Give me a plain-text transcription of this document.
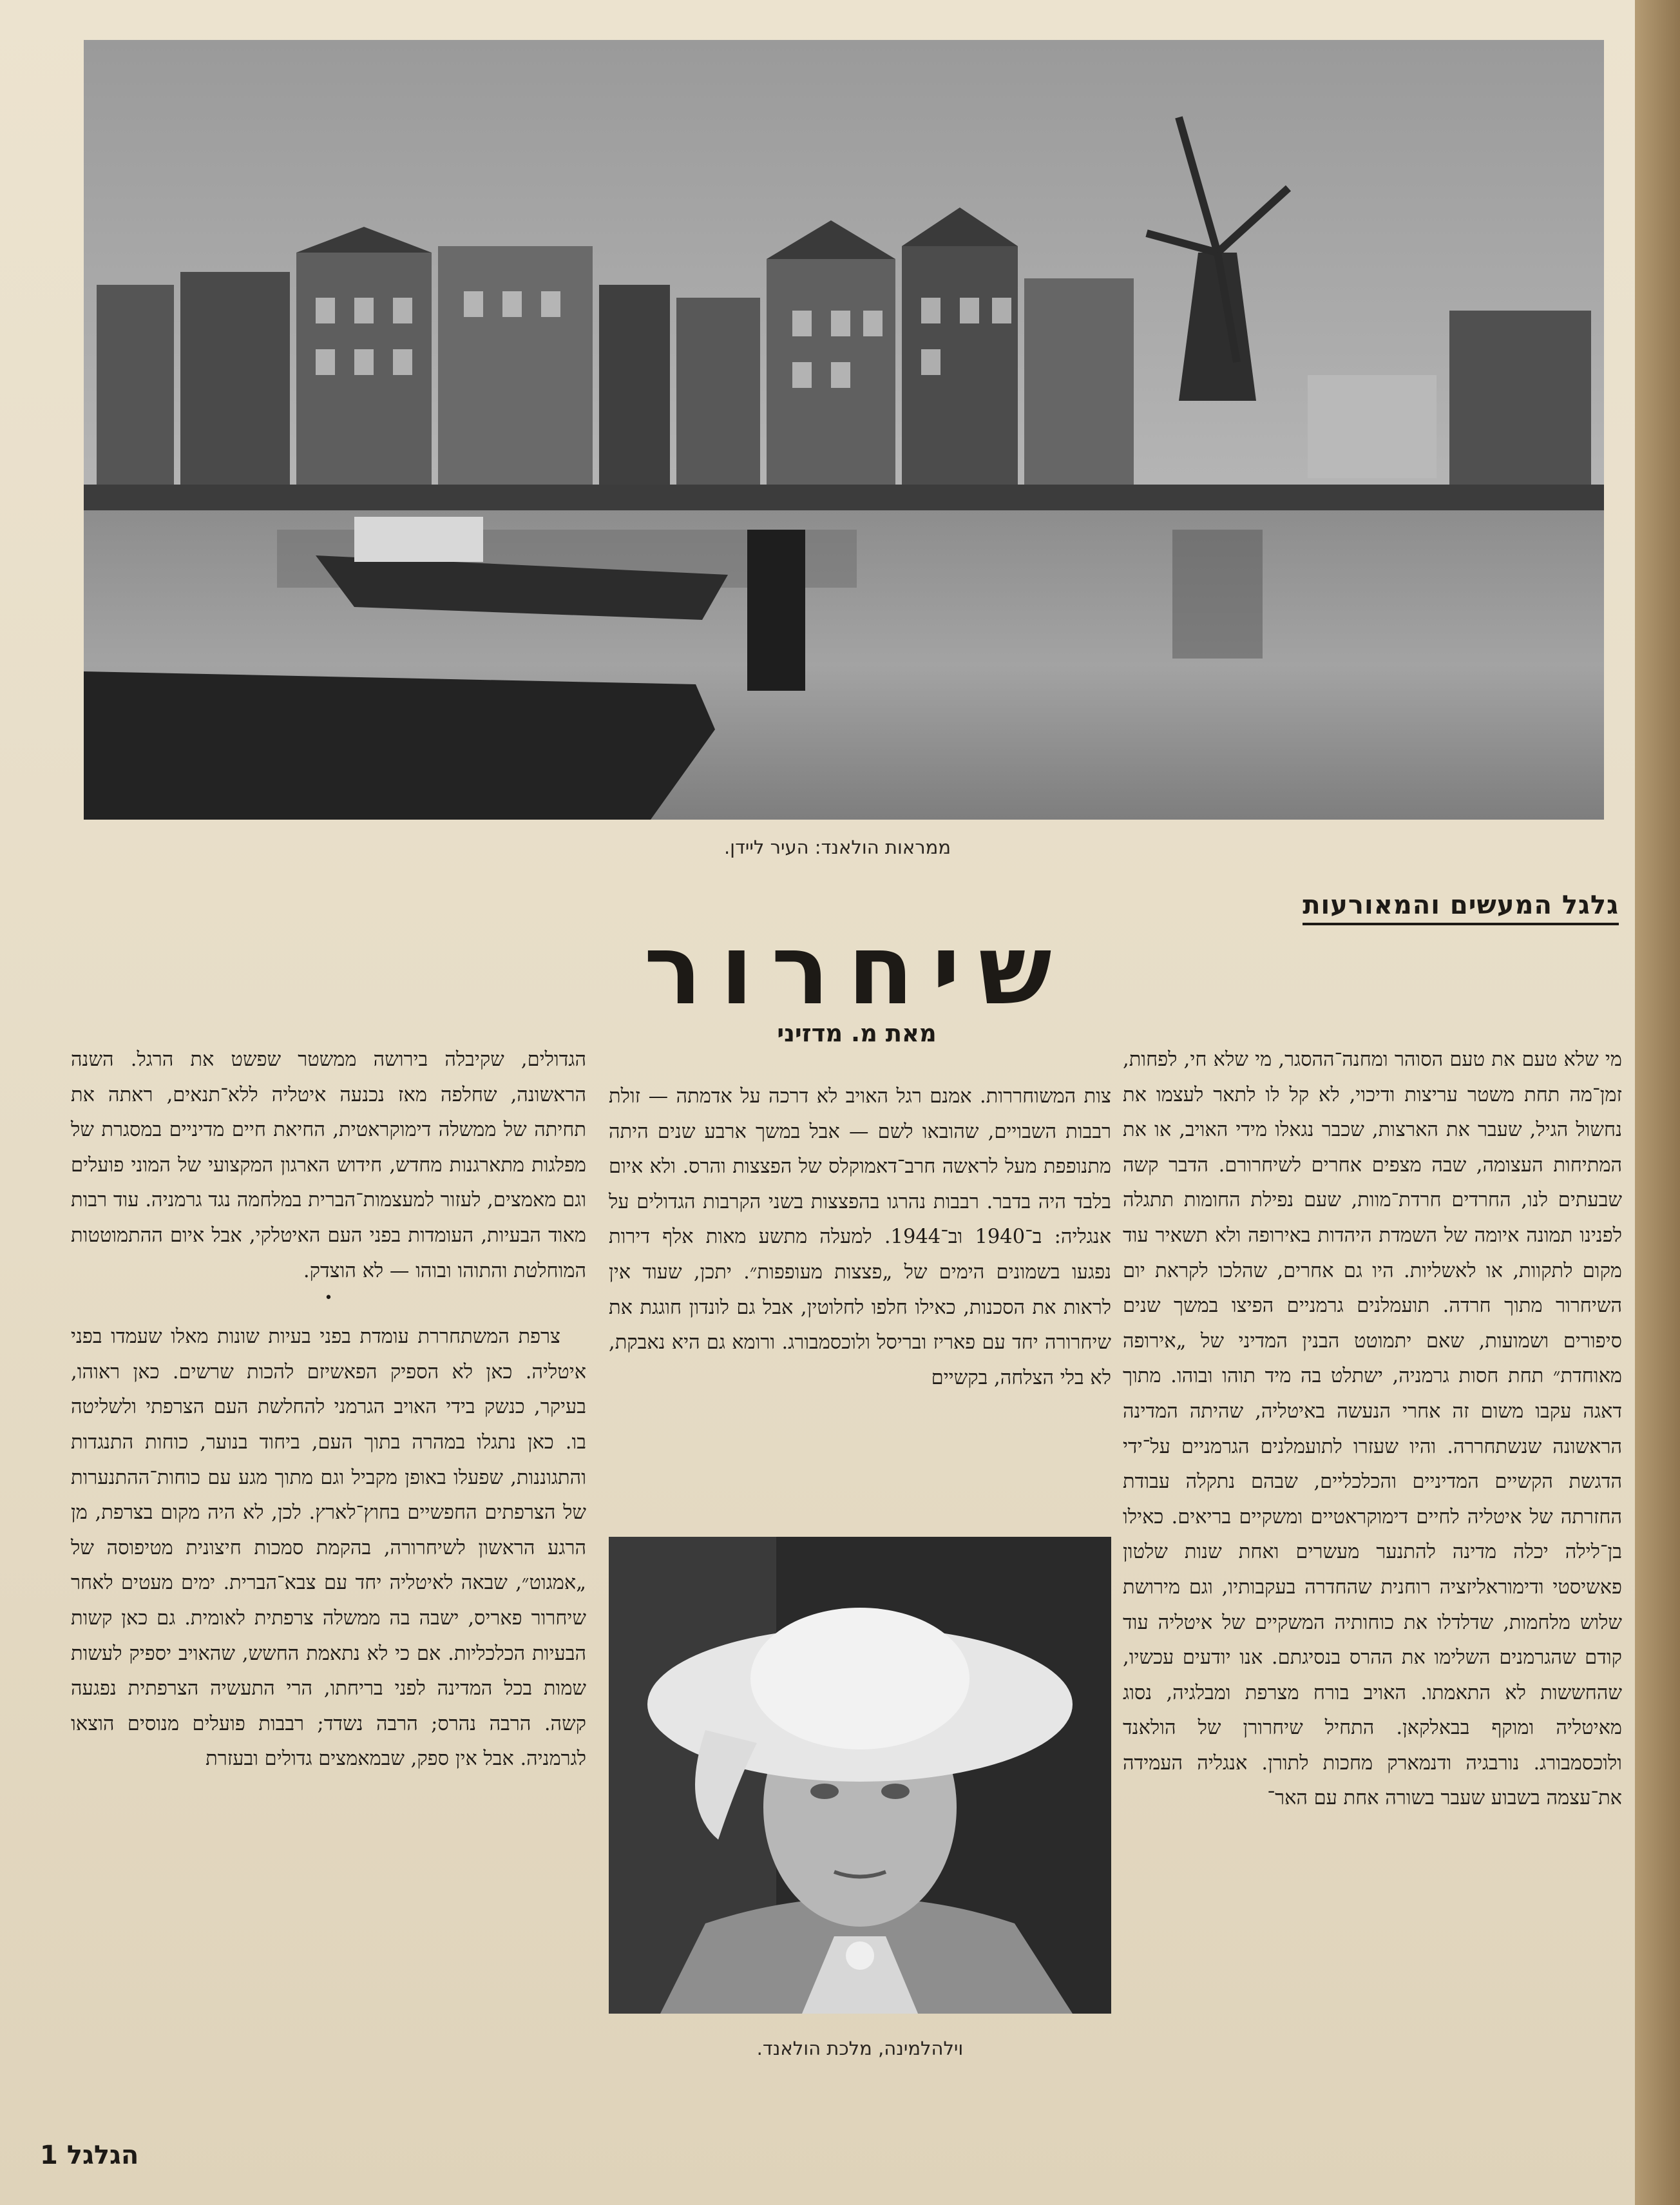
ממראות הולאנד: העיר ליידן.
גלגל המעשים והמאורעות
שיחרור
מאת מ. מדזיני

מי שלא טעם את טעם הסוהר ומחנה־ההסגר, מי שלא חי, לפחות, זמן־מה תחת משטר עריצות ודיכוי, לא קל לו לתאר לעצמו את נחשול הגיל, שעבר את הארצות, שכבר נגאלו מידי האויב, או את המתיחות העצומה, שבה מצפים אחרים לשיחרורם. הדבר קשה שבעתים לנו, החרדים חרדת־מוות, שעם נפילת החומות תתגלה לפנינו תמונה איומה של השמדת היהדות באירופה ולא תשאיר עוד מקום לתקוות, או לאשליות. היו גם אחרים, שהלכו לקראת יום השיחרור מתוך חרדה. תועמלנים גרמניים הפיצו במשך שנים סיפורים ושמועות, שאם יתמוטט הבנין המדיני של „אירופה מאוחדת״ תחת חסות גרמניה, ישתלט בה מיד תוהו ובוהו. מתוך דאגה עקבו משום זה אחרי הנעשה באיטליה, שהיתה המדינה הראשונה שנשתחררה. והיו שעזרו לתועמלנים הגרמניים על־ידי הדגשת הקשיים המדיניים והכלכליים, שבהם נתקלה עבודת החזרתה של איטליה לחיים דימוקראטיים ומשקיים בריאים. כאילו בן־לילה יכלה מדינה להתנער מעשרים ואחת שנות שלטון פאשיסטי ודימוראליזציה רוחנית שהחדרה בעקבותיו, וגם מירושת שלוש מלחמות, שדלדלו את כוחותיה המשקיים של איטליה עוד קודם שהגרמנים השלימו את ההרס בנסיגתם. אנו יודעים עכשיו, שהחששות לא התאמתו. האויב בורח מצרפת ומבלגיה, נסוג מאיטליה ומוקף בבאלקאן. התחיל שיחרורן של הולאנד ולוכסמבורג. נורבגיה ודנמארק מחכות לתורן. אנגליה העמידה את־עצמה בשבוע שעבר בשורה אחת עם האר־

צות המשוחררות. אמנם רגל האויב לא דרכה על אדמתה — זולת רבבות השבויים, שהובאו לשם — אבל במשך ארבע שנים היתה מתנופפת מעל לראשה חרב־דאמוקלס של הפצצות והרס. ולא איום בלבד היה בדבר. רבבות נהרגו בהפצצות בשני הקרבות הגדולים על אנגליה: ב־1940 וב־1944. למעלה מתשע מאות אלף דירות נפגעו בשמונים הימים של „פצצות מעופפות״. יתכן, שעוד אין לראות את הסכנות, כאילו חלפו לחלוטין, אבל גם לונדון חוגגת את שיחרורה יחד עם פאריז ובריסל ולוכסמבורג. ורומא גם היא נאבקת, לא בלי הצלחה, בקשיים

וילהלמינה, מלכת הולאנד.

הגדולים, שקיבלה בירושה ממשטר שפשט את הרגל. השנה הראשונה, שחלפה מאז נכנעה איטליה ללא־תנאים, ראתה את תחיתה של ממשלה דימוקראטית, החיאת חיים מדיניים במסגרת של מפלגות מתארגנות מחדש, חידוש הארגון המקצועי של המוני פועלים וגם מאמצים, לעזור למעצמות־הברית במלחמה נגד גרמניה. עוד רבות מאוד הבעיות, העומדות בפני העם האיטלקי, אבל איום ההתמוטטות המוחלטת והתוהו ובוהו — לא הוצדק.

•

צרפת המשתחררת עומדת בפני בעיות שונות מאלו שעמדו בפני איטליה. כאן לא הספיק הפאשיזם להכות שרשים. כאן ראוהו, בעיקר, כנשק בידי האויב הגרמני להחלשת העם הצרפתי ולשליטה בו. כאן נתגלו במהרה בתוך העם, ביחוד בנוער, כוחות התנגדות והתגוננות, שפעלו באופן מקביל וגם מתוך מגע עם כוחות־ההתנערות של הצרפתים החפשיים בחוץ־לארץ. לכן, לא היה מקום בצרפת, מן הרגע הראשון לשיחרורה, בהקמת סמכות חיצונית מטיפוסה של „אמגוט״, שבאה לאיטליה יחד עם צבא־הברית. ימים מעטים לאחר שיחרור פאריס, ישבה בה ממשלה צרפתית לאומית. גם כאן קשות הבעיות הכלכליות. אם כי לא נתאמת החשש, שהאויב יספיק לעשות שמות בכל המדינה לפני בריחתו, הרי התעשיה הצרפתית נפגעה קשה. הרבה נהרס; הרבה נשדד; רבבות פועלים מנוסים הוצאו לגרמניה. אבל אין ספק, שבמאמצים גדולים ובעזרת

הגלגל 1
